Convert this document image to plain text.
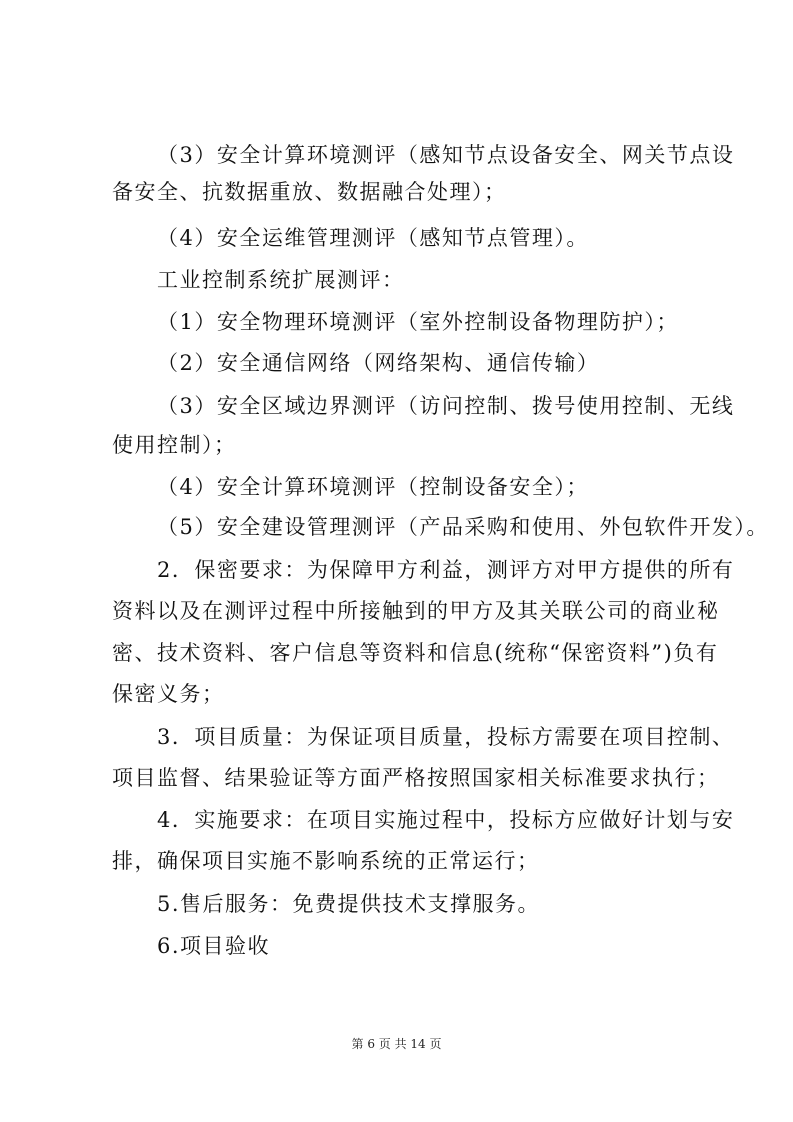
（3）安全计算环境测评（感知节点设备安全、网关节点设
备安全、抗数据重放、数据融合处理）；
（4）安全运维管理测评（感知节点管理）。
工业控制系统扩展测评：
（1）安全物理环境测评（室外控制设备物理防护）；
（2）安全通信网络（网络架构、通信传输）
（3）安全区域边界测评（访问控制、拨号使用控制、无线
使用控制）；
（4）安全计算环境测评（控制设备安全）；
（5）安全建设管理测评（产品采购和使用、外包软件开发）。
2．保密要求：为保障甲方利益，测评方对甲方提供的所有
资料以及在测评过程中所接触到的甲方及其关联公司的商业秘
密、技术资料、客户信息等资料和信息(统称“保密资料”)负有
保密义务；
3．项目质量：为保证项目质量，投标方需要在项目控制、
项目监督、结果验证等方面严格按照国家相关标准要求执行；
4．实施要求：在项目实施过程中，投标方应做好计划与安
排，确保项目实施不影响系统的正常运行；
5.售后服务：免费提供技术支撑服务。
6.项目验收
第 6 页 共 14 页
